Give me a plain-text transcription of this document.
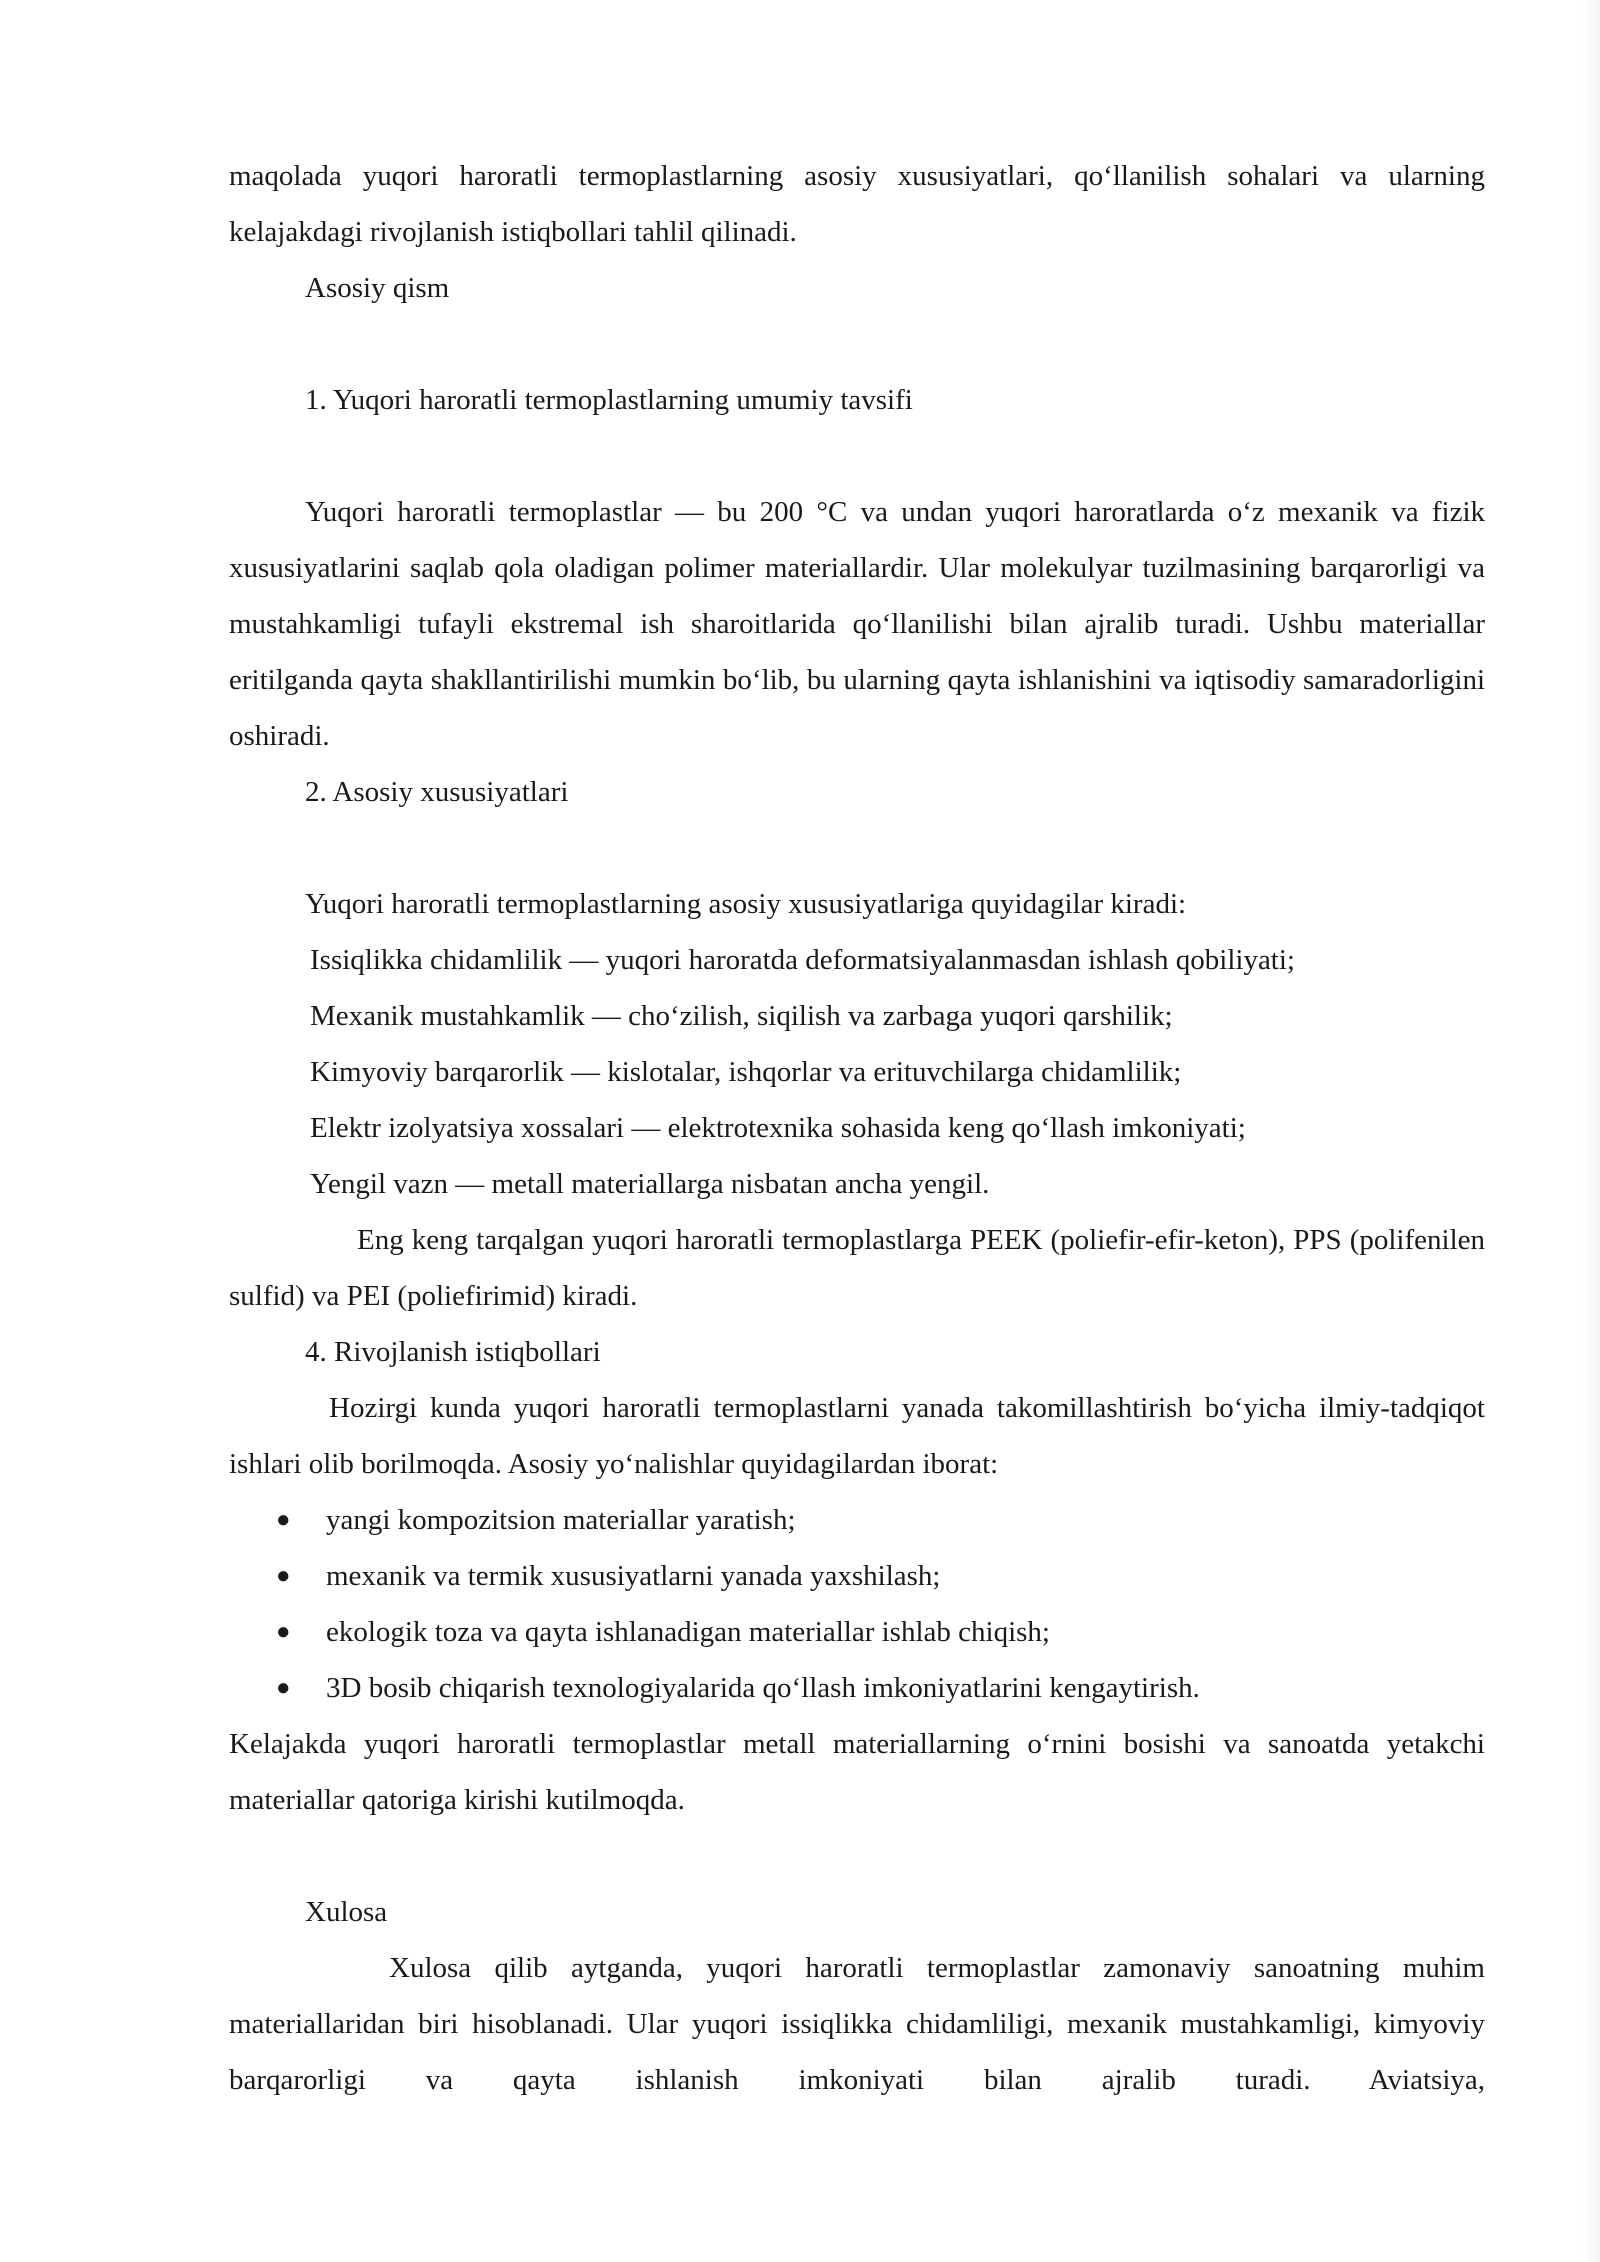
maqolada yuqori haroratli termoplastlarning asosiy xususiyatlari, qo‘llanilish sohalari va ularning kelajakdagi rivojlanish istiqbollari tahlil qilinadi.

Asosiy qism

1. Yuqori haroratli termoplastlarning umumiy tavsifi

Yuqori haroratli termoplastlar — bu 200 °C va undan yuqori haroratlarda o‘z mexanik va fizik xususiyatlarini saqlab qola oladigan polimer materiallardir. Ular molekulyar tuzilmasining barqarorligi va mustahkamligi tufayli ekstremal ish sharoitlarida qo‘llanilishi bilan ajralib turadi. Ushbu materiallar eritilganda qayta shakllantirilishi mumkin bo‘lib, bu ularning qayta ishlanishini va iqtisodiy samaradorligini oshiradi.

2. Asosiy xususiyatlari

Yuqori haroratli termoplastlarning asosiy xususiyatlariga quyidagilar kiradi:

Issiqlikka chidamlilik — yuqori haroratda deformatsiyalanmasdan ishlash qobiliyati;

Mexanik mustahkamlik — cho‘zilish, siqilish va zarbaga yuqori qarshilik;

Kimyoviy barqarorlik — kislotalar, ishqorlar va erituvchilarga chidamlilik;

Elektr izolyatsiya xossalari — elektrotexnika sohasida keng qo‘llash imkoniyati;

Yengil vazn — metall materiallarga nisbatan ancha yengil.

Eng keng tarqalgan yuqori haroratli termoplastlarga PEEK (poliefir-efir-keton), PPS (polifenilen sulfid) va PEI (poliefirimid) kiradi.

4. Rivojlanish istiqbollari

Hozirgi kunda yuqori haroratli termoplastlarni yanada takomillashtirish bo‘yicha ilmiy-tadqiqot ishlari olib borilmoqda. Asosiy yo‘nalishlar quyidagilardan iborat:

● yangi kompozitsion materiallar yaratish;
● mexanik va termik xususiyatlarni yanada yaxshilash;
● ekologik toza va qayta ishlanadigan materiallar ishlab chiqish;
● 3D bosib chiqarish texnologiyalarida qo‘llash imkoniyatlarini kengaytirish.

Kelajakda yuqori haroratli termoplastlar metall materiallarning o‘rnini bosishi va sanoatda yetakchi materiallar qatoriga kirishi kutilmoqda.

Xulosa

Xulosa qilib aytganda, yuqori haroratli termoplastlar zamonaviy sanoatning muhim materiallaridan biri hisoblanadi. Ular yuqori issiqlikka chidamliligi, mexanik mustahkamligi, kimyoviy barqarorligi va qayta ishlanish imkoniyati bilan ajralib turadi. Aviatsiya,
